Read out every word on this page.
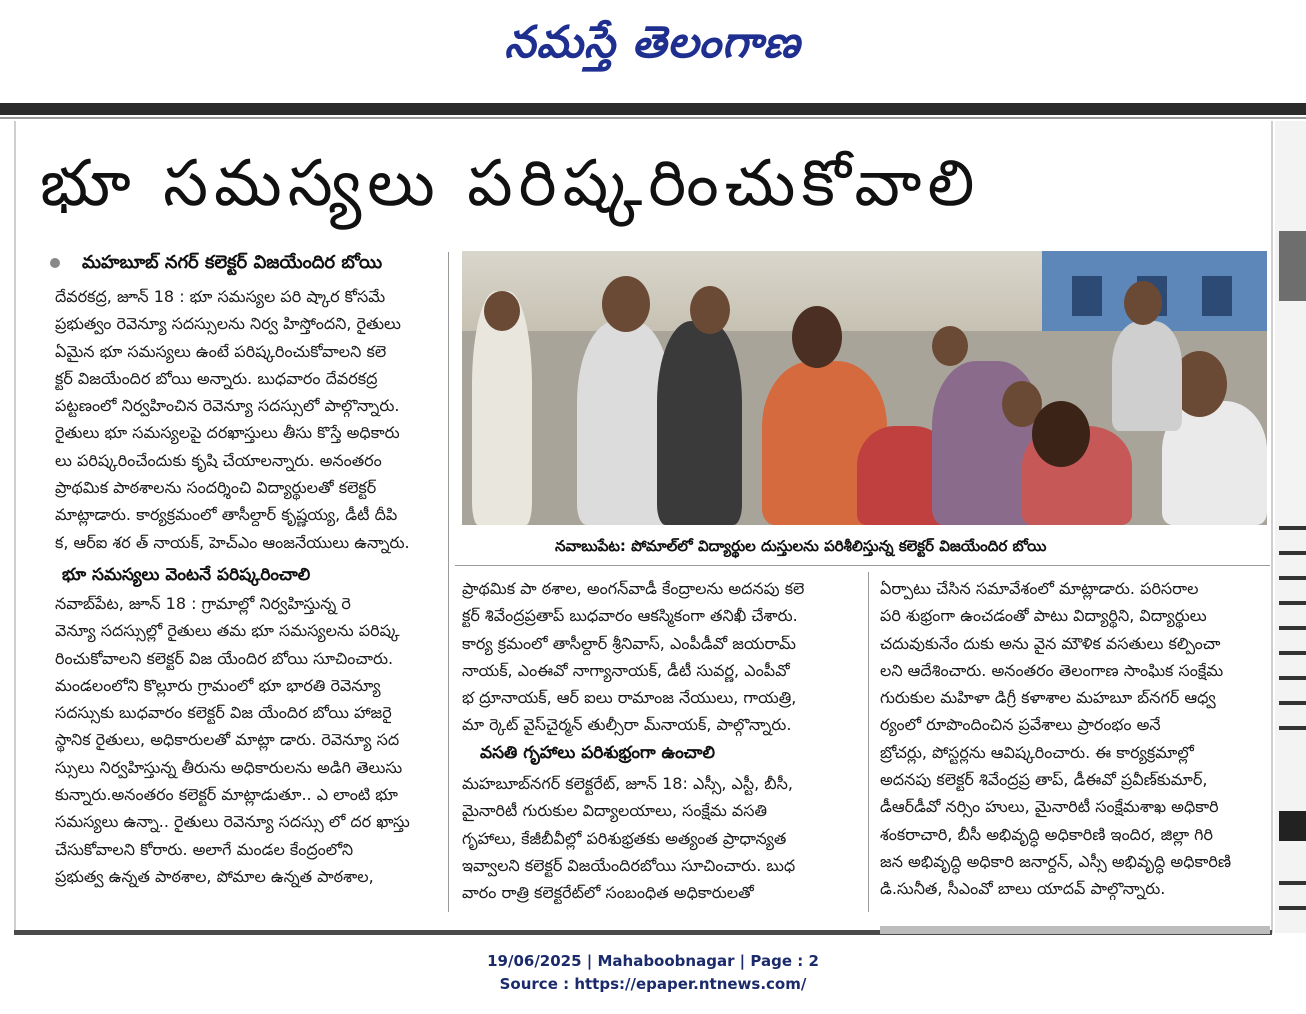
నమస్తే తెలంగాణ
భూ సమస్యలు పరిష్కరించుకోవాలి
మహబూబ్ నగర్ కలెక్టర్ విజయేందిర బోయి

దేవరకద్ర, జూన్ 18 : భూ సమస్యల పరి ష్కార కోసమే

ప్రభుత్వం రెవెన్యూ సదస్సులను నిర్వ హిస్తోందని, రైతులు

ఏమైన భూ సమస్యలు ఉంటే పరిష్కరించుకోవాలని కలె

క్టర్ విజయేందిర బోయి అన్నారు. బుధవారం దేవరకద్ర

పట్టణంలో నిర్వహించిన రెవెన్యూ సదస్సులో పాల్గొన్నారు.

రైతులు భూ సమస్యలపై దరఖాస్తులు తీసు కొస్తే అధికారు

లు పరిష్కరించేందుకు కృషి చేయాలన్నారు. అనంతరం

ప్రాథమిక పాఠశాలను సందర్శించి విద్యార్థులతో కలెక్టర్

మాట్లాడారు. కార్యక్రమంలో తాసీల్దార్ కృష్ణయ్య, డీటీ దీపి

క, ఆర్ఐ శర త్ నాయక్, హెచ్ఎం ఆంజనేయులు ఉన్నారు.

భూ సమస్యలు వెంటనే పరిష్కరించాలి

నవాబ్‌పేట, జూన్ 18 : గ్రామాల్లో నిర్వహిస్తున్న రె

వెన్యూ సదస్సుల్లో రైతులు తమ భూ సమస్యలను పరిష్క

రించుకోవాలని కలెక్టర్ విజ యేందిర బోయి సూచించారు.

మండలంలోని కొల్లూరు గ్రామంలో భూ భారతి రెవెన్యూ

సదస్సుకు బుధవారం కలెక్టర్ విజ యేందిర బోయి హాజరై

స్థానిక రైతులు, అధికారులతో మాట్లా డారు. రెవెన్యూ సద

స్సులు నిర్వహిస్తున్న తీరును అధికారులను అడిగి తెలుసు

కున్నారు.అనంతరం కలెక్టర్ మాట్లాడుతూ.. ఎ లాంటి భూ

సమస్యలు ఉన్నా.. రైతులు రెవెన్యూ సదస్సు లో దర ఖాస్తు

చేసుకోవాలని కోరారు. అలాగే మండల కేంద్రంలోని

ప్రభుత్వ ఉన్నత పాఠశాల, పోమాల ఉన్నత పాఠశాల,

నవాబుపేట: పోమాల్‌లో విద్యార్థుల దుస్తులను పరిశీలిస్తున్న కలెక్టర్ విజయేందిర బోయి

ప్రాథమిక పా ఠశాల, అంగన్‌వాడీ కేంద్రాలను అదనపు కలె

క్టర్ శివేంద్రప్రతాప్ బుధవారం ఆకస్మికంగా తనిఖీ చేశారు.

కార్య క్రమంలో తాసీల్దార్ శ్రీనివాస్, ఎంపీడీవో జయరామ్

నాయక్, ఎంఈవో నాగ్యానాయక్, డీటీ సువర్ణ, ఎంపీవో

భ ద్రూనాయక్, ఆర్ ఐలు రామాంజ నేయులు, గాయత్రి,

మా ర్కెట్ వైస్‌చైర్మన్ తుల్సీరా మ్‌నాయక్, పాల్గొన్నారు.

వసతి గృహాలు పరిశుభ్రంగా ఉంచాలి

మహబూబ్‌నగర్ కలెక్టరేట్, జూన్ 18: ఎస్సీ, ఎస్టీ, బీసీ,

మైనారిటీ గురుకుల విద్యాలయాలు, సంక్షేమ వసతి

గృహాలు, కేజీబీవీల్లో పరిశుభ్రతకు అత్యంత ప్రాధాన్యత

ఇవ్వాలని కలెక్టర్ విజయేందిరబోయి సూచించారు. బుధ

వారం రాత్రి కలెక్టరేట్‌లో సంబంధిత అధికారులతో

ఏర్పాటు చేసిన సమావేశంలో మాట్లాడారు. పరిసరాల

పరి శుభ్రంగా ఉంచడంతో పాటు విద్యార్థిని, విద్యార్థులు

చదువుకునేం దుకు అను వైన మౌళిక వసతులు కల్పించా

లని ఆదేశించారు. అనంతరం తెలంగాణ సాంఘిక సంక్షేమ

గురుకుల మహిళా డిగ్రీ కళాశాల మహబూ బ్‌నగర్ ఆధ్వ

ర్యంలో రూపొందించిన ప్రవేశాలు ప్రారంభం అనే

బ్రోచర్లు, పోస్టర్లను ఆవిష్కరించారు. ఈ కార్యక్రమాల్లో

అదనపు కలెక్టర్ శివేంద్రప్ర తాప్, డీఈవో ప్రవీణ్‌కుమార్,

డీఆర్‌డీవో నర్సిం హులు, మైనారిటీ సంక్షేమశాఖ అధికారి

శంకరాచారి, బీసీ అభివృద్ధి అధికారిణి ఇందిర, జిల్లా గిరి

జన అభివృద్ధి అధికారి జనార్దన్, ఎస్సీ అభివృద్ధి అధికారిణి

డి.సునీత, సీఎంవో బాలు యాదవ్ పాల్గొన్నారు.

19/06/2025 | Mahaboobnagar | Page : 2
Source : https://epaper.ntnews.com/
